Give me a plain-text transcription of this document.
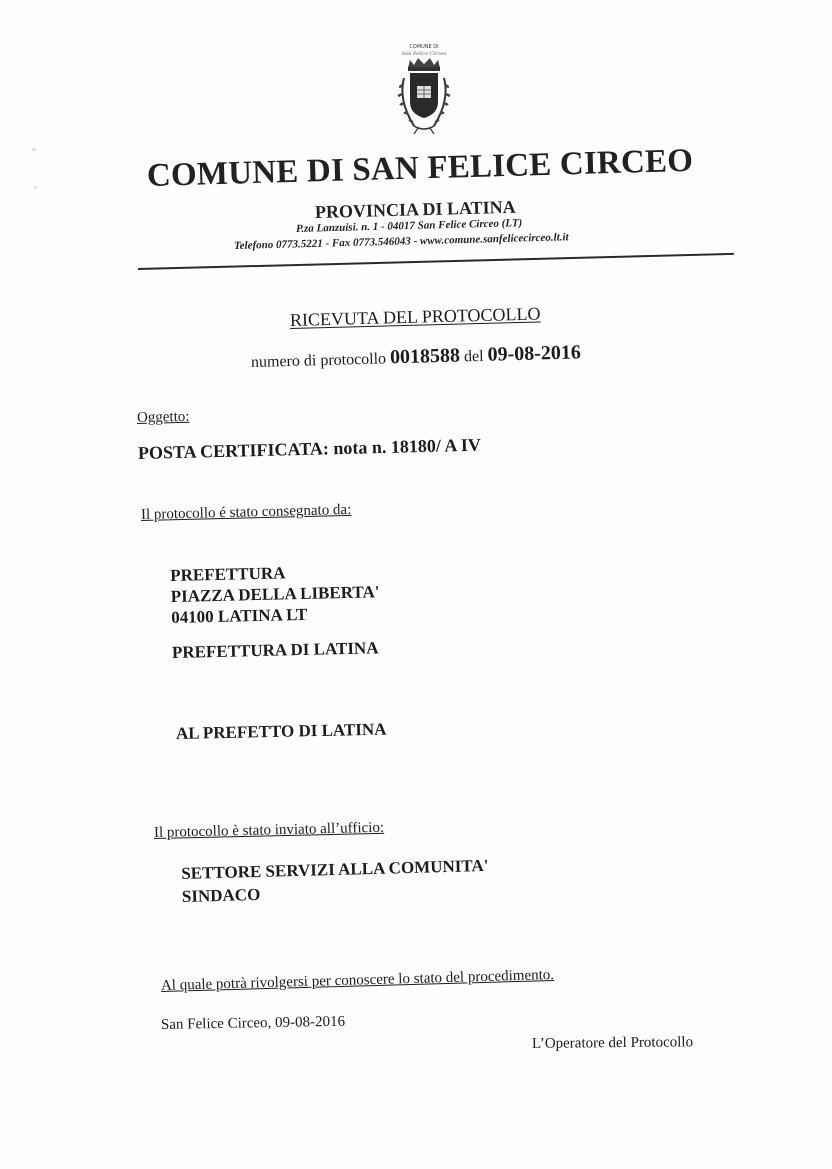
COMUNE DI
San Felice Circeo
COMUNE DI SAN FELICE CIRCEO
PROVINCIA DI LATINA
P.za Lanzuisi. n. 1 - 04017 San Felice Circeo (LT)
Telefono 0773.5221 - Fax 0773.546043 - www.comune.sanfelicecirceo.lt.it
RICEVUTA DEL PROTOCOLLO
numero di protocollo 0018588 del 09-08-2016
Oggetto:
POSTA CERTIFICATA: nota n. 18180/ A IV
Il protocollo é stato consegnato da:
PREFETTURA
PIAZZA DELLA LIBERTA'
04100 LATINA LT
PREFETTURA DI LATINA
AL PREFETTO DI LATINA
Il protocollo è stato inviato all’ufficio:
SETTORE SERVIZI ALLA COMUNITA'
SINDACO
Al quale potrà rivolgersi per conoscere lo stato del procedimento.
San Felice Circeo, 09-08-2016
L’Operatore del Protocollo
